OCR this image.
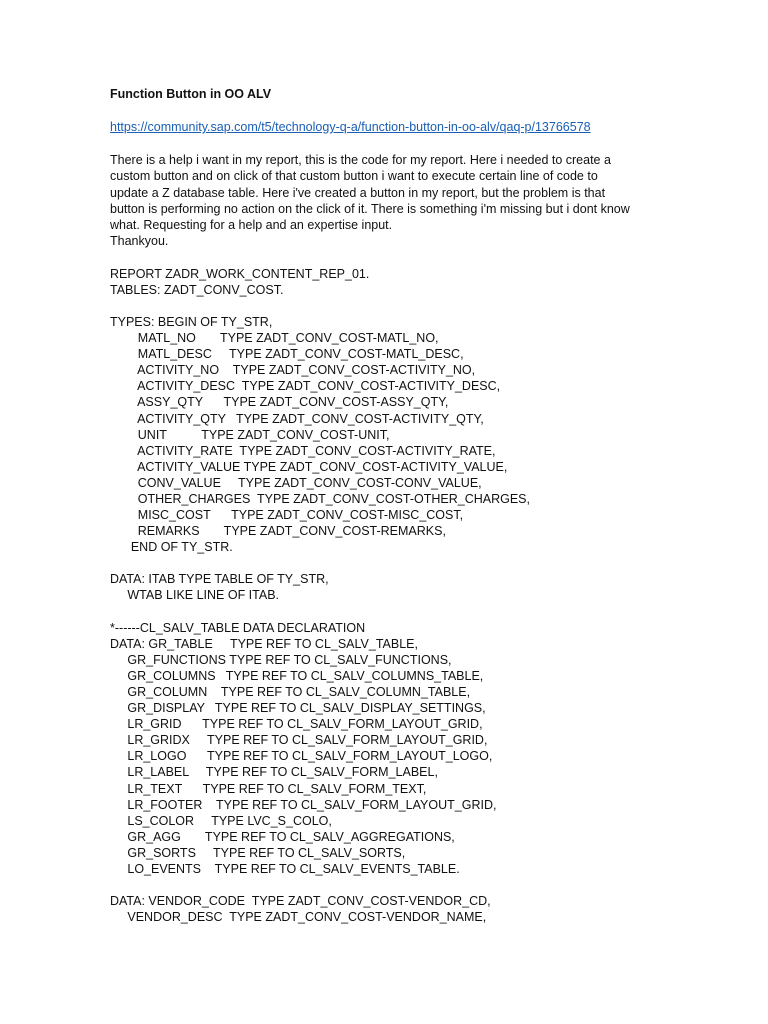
Function Button in OO ALV
https://community.sap.com/t5/technology-q-a/function-button-in-oo-alv/qaq-p/13766578
There is a help i want in my report, this is the code for my report. Here i needed to create a
custom button and on click of that custom button i want to execute certain line of code to
update a Z database table. Here i've created a button in my report, but the problem is that
button is performing no action on the click of it. There is something i'm missing but i dont know
what. Requesting for a help and an expertise input.
Thankyou.
REPORT ZADR_WORK_CONTENT_REP_01.
TABLES: ZADT_CONV_COST.
TYPES: BEGIN OF TY_STR,
MATL_NO       TYPE ZADT_CONV_COST-MATL_NO,
MATL_DESC     TYPE ZADT_CONV_COST-MATL_DESC,
ACTIVITY_NO    TYPE ZADT_CONV_COST-ACTIVITY_NO,
ACTIVITY_DESC  TYPE ZADT_CONV_COST-ACTIVITY_DESC,
ASSY_QTY      TYPE ZADT_CONV_COST-ASSY_QTY,
ACTIVITY_QTY   TYPE ZADT_CONV_COST-ACTIVITY_QTY,
UNIT          TYPE ZADT_CONV_COST-UNIT,
ACTIVITY_RATE  TYPE ZADT_CONV_COST-ACTIVITY_RATE,
ACTIVITY_VALUE TYPE ZADT_CONV_COST-ACTIVITY_VALUE,
CONV_VALUE     TYPE ZADT_CONV_COST-CONV_VALUE,
OTHER_CHARGES  TYPE ZADT_CONV_COST-OTHER_CHARGES,
MISC_COST      TYPE ZADT_CONV_COST-MISC_COST,
REMARKS       TYPE ZADT_CONV_COST-REMARKS,
END OF TY_STR.
DATA: ITAB TYPE TABLE OF TY_STR,
WTAB LIKE LINE OF ITAB.
*------CL_SALV_TABLE DATA DECLARATION
DATA: GR_TABLE     TYPE REF TO CL_SALV_TABLE,
GR_FUNCTIONS TYPE REF TO CL_SALV_FUNCTIONS,
GR_COLUMNS   TYPE REF TO CL_SALV_COLUMNS_TABLE,
GR_COLUMN    TYPE REF TO CL_SALV_COLUMN_TABLE,
GR_DISPLAY   TYPE REF TO CL_SALV_DISPLAY_SETTINGS,
LR_GRID      TYPE REF TO CL_SALV_FORM_LAYOUT_GRID,
LR_GRIDX     TYPE REF TO CL_SALV_FORM_LAYOUT_GRID,
LR_LOGO      TYPE REF TO CL_SALV_FORM_LAYOUT_LOGO,
LR_LABEL     TYPE REF TO CL_SALV_FORM_LABEL,
LR_TEXT      TYPE REF TO CL_SALV_FORM_TEXT,
LR_FOOTER    TYPE REF TO CL_SALV_FORM_LAYOUT_GRID,
LS_COLOR     TYPE LVC_S_COLO,
GR_AGG       TYPE REF TO CL_SALV_AGGREGATIONS,
GR_SORTS     TYPE REF TO CL_SALV_SORTS,
LO_EVENTS    TYPE REF TO CL_SALV_EVENTS_TABLE.
DATA: VENDOR_CODE  TYPE ZADT_CONV_COST-VENDOR_CD,
VENDOR_DESC  TYPE ZADT_CONV_COST-VENDOR_NAME,
